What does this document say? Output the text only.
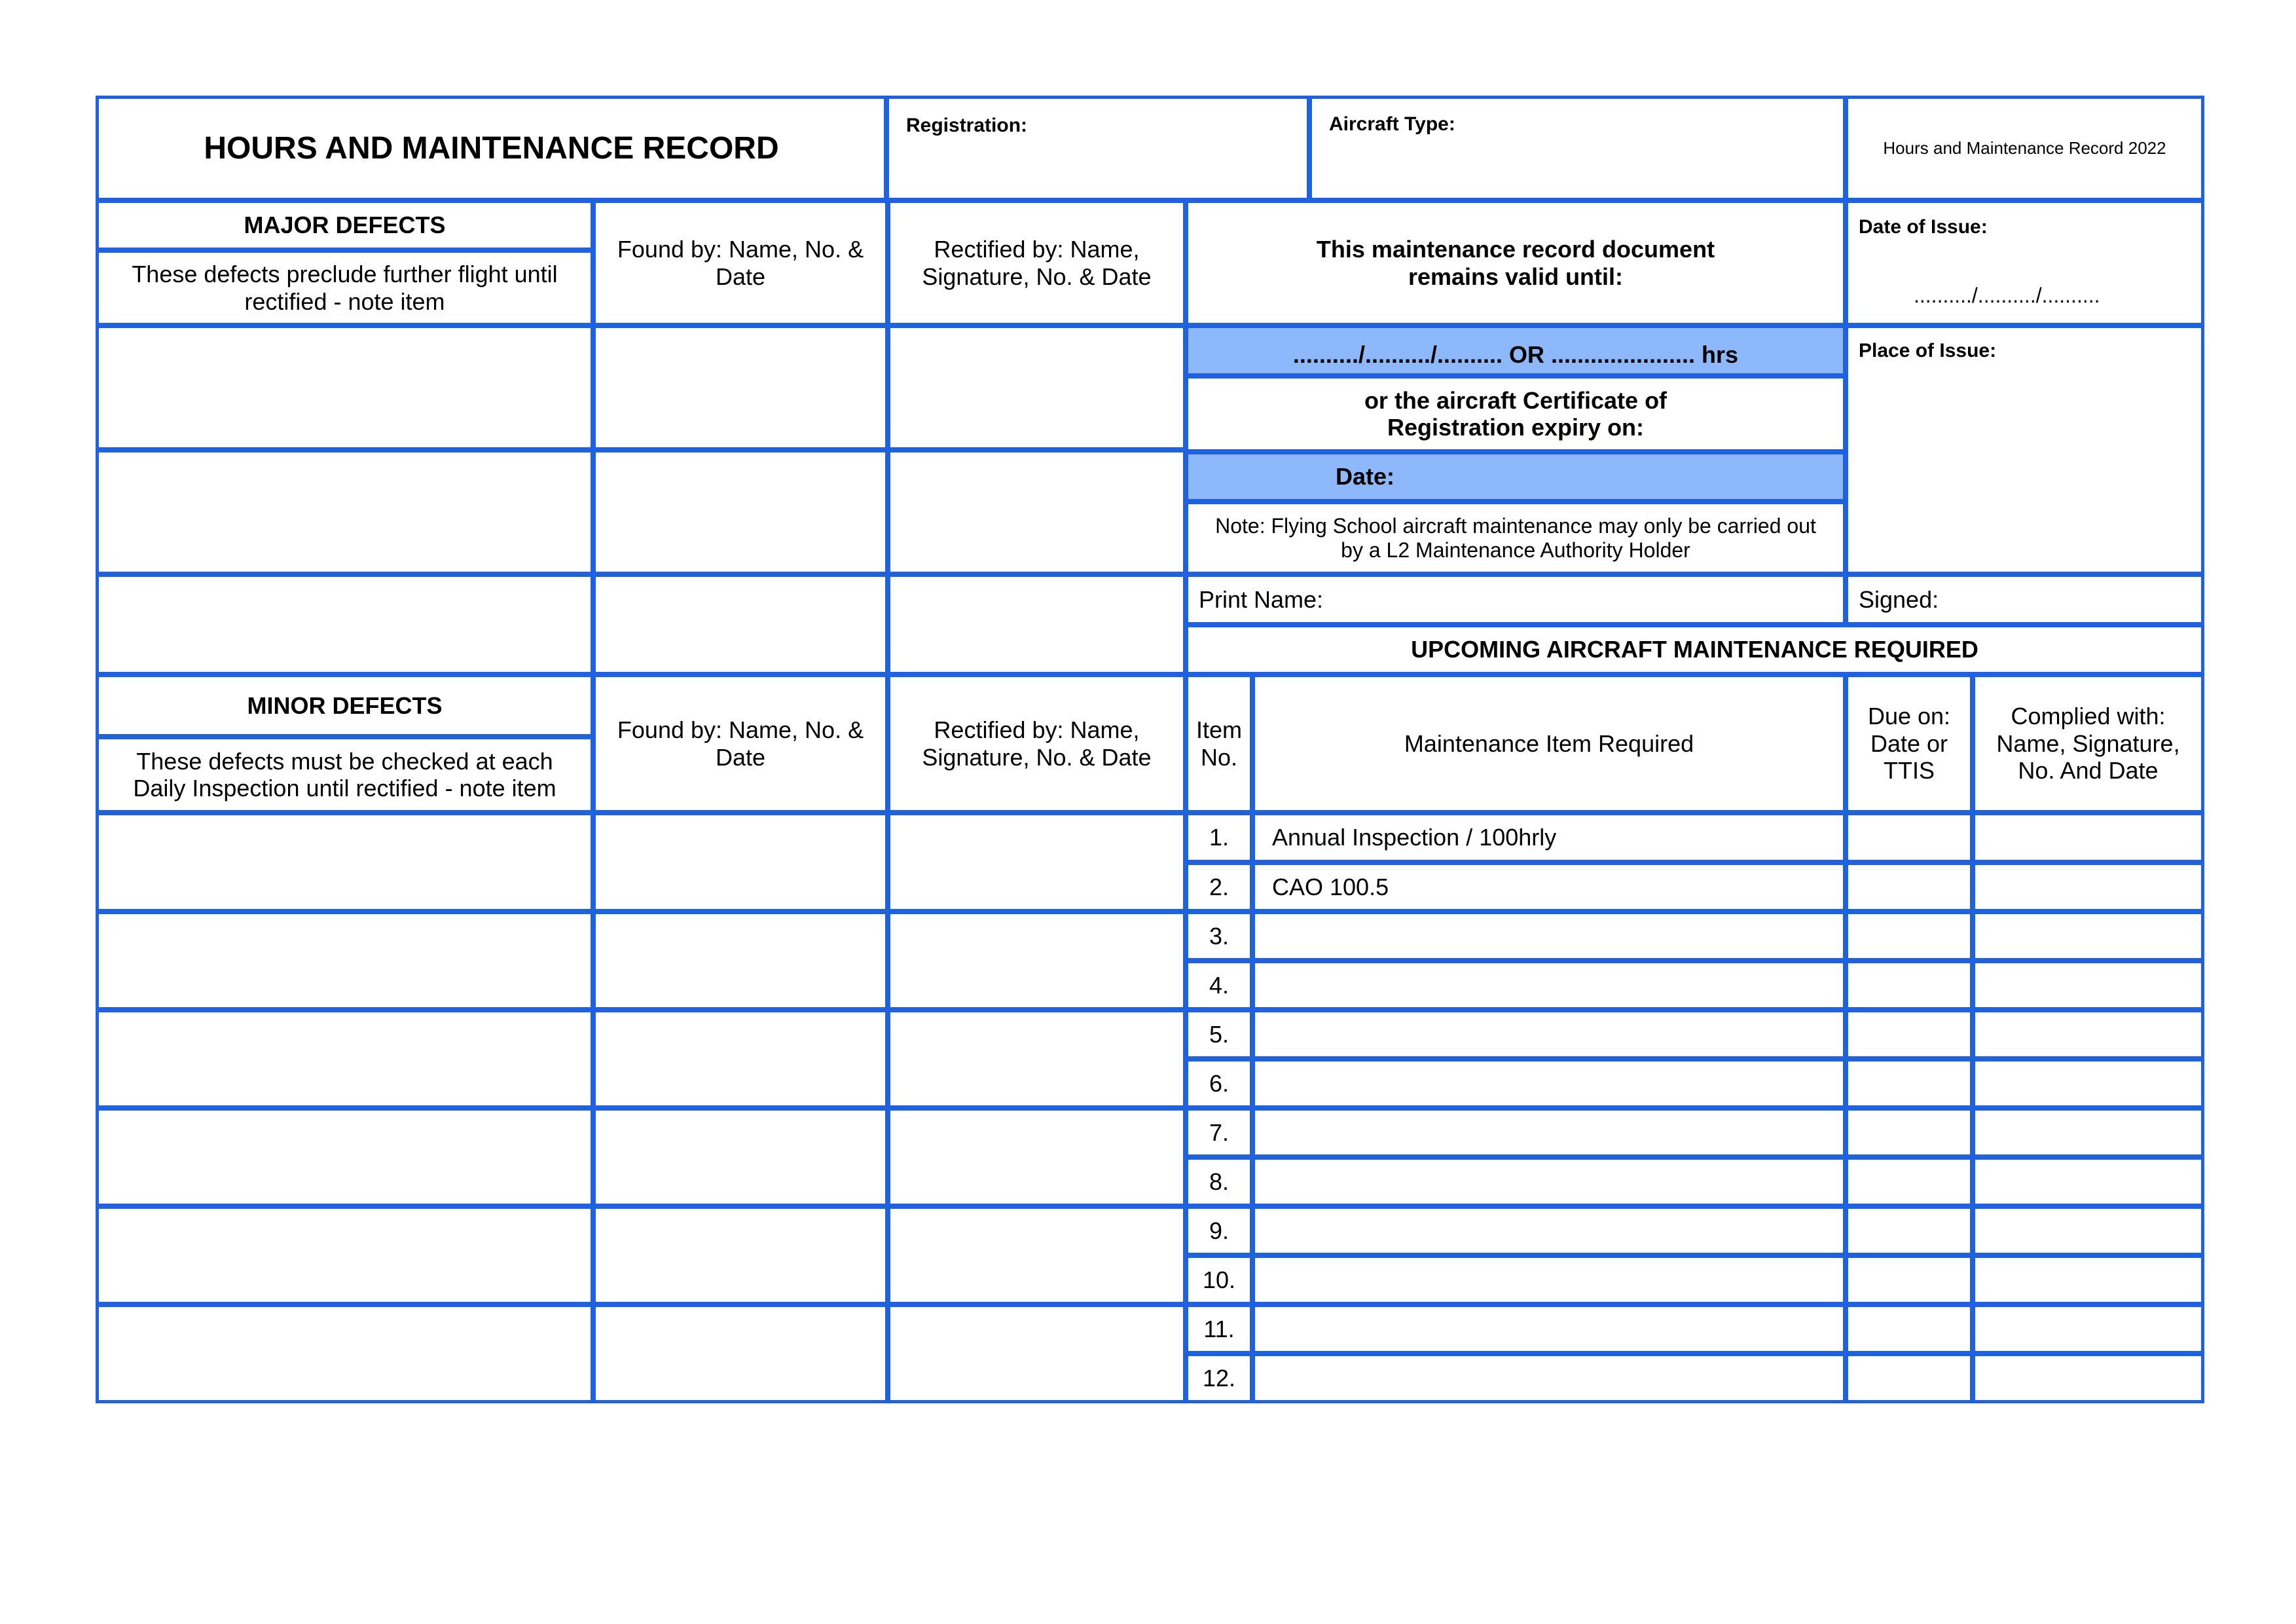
HOURS AND MAINTENANCE RECORD
Registration:	Aircraft Type:
Hours and Maintenance Record 2022
MAJOR DEFECTS
These defects preclude further flight until
rectified - note item
Found by: Name, No. &
Date
Rectified by: Name,
Signature, No. & Date
This maintenance record document
remains valid until:
........../........../.......... OR ...................... hrs
or the aircraft Certificate of
Registration expiry on:
Date:
Note: Flying School aircraft maintenance may only be carried out
by a L2 Maintenance Authority Holder
Date of Issue:
........../........../..........
Place of Issue:
Print Name:	Signed:
UPCOMING AIRCRAFT MAINTENANCE REQUIRED
MINOR DEFECTS
These defects must be checked at each
Daily Inspection until rectified - note item
Found by: Name, No. &
Date
Rectified by: Name,
Signature, No. & Date
Item
No.
Maintenance Item Required
Due on:
Date or
TTIS
Complied with:
Name, Signature,
No. And Date
1. Annual Inspection / 100hrly
2. CAO 100.5
3.
4.
5.
6.
7.
8.
9.
10.
11.
12.
